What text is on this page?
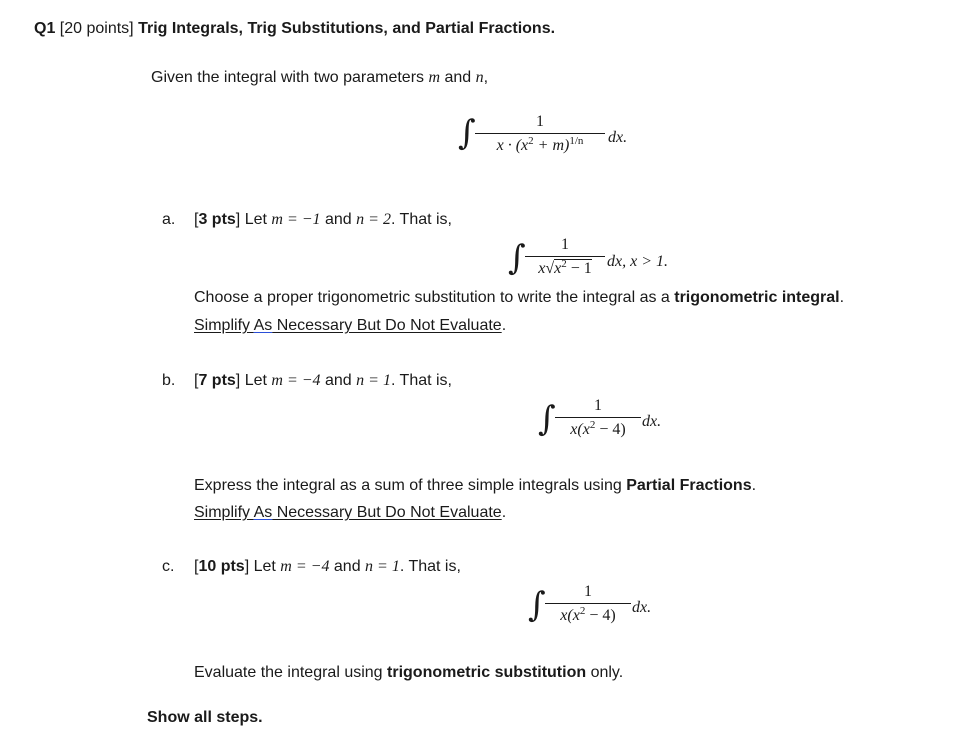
Q1 [20 points] Trig Integrals, Trig Substitutions, and Partial Fractions.
Given the integral with two parameters m and n,
∫	1
$x \cdot (x^2 + m)^{1/n}$	dx.
a. [3 pts] Let m = −1 and n = 2. That is,
∫	1
$x√x^2 - 1$ dx, x > 1.
Choose a proper trigonometric substitution to write the integral as a trigonometric integral.
Simplify As Necessary But Do Not Evaluate.
b. [7 pts] Let m = −4 and n = 1. That is,
∫	1
$x(x^2 - 4)$	dx.
Express the integral as a sum of three simple integrals using Partial Fractions.
Simplify As Necessary But Do Not Evaluate.
c. [10 pts] Let m = −4 and n = 1. That is,
∫	1
$x(x^2 - 4)$	dx.
Evaluate the integral using trigonometric substitution only.
Show all steps.
